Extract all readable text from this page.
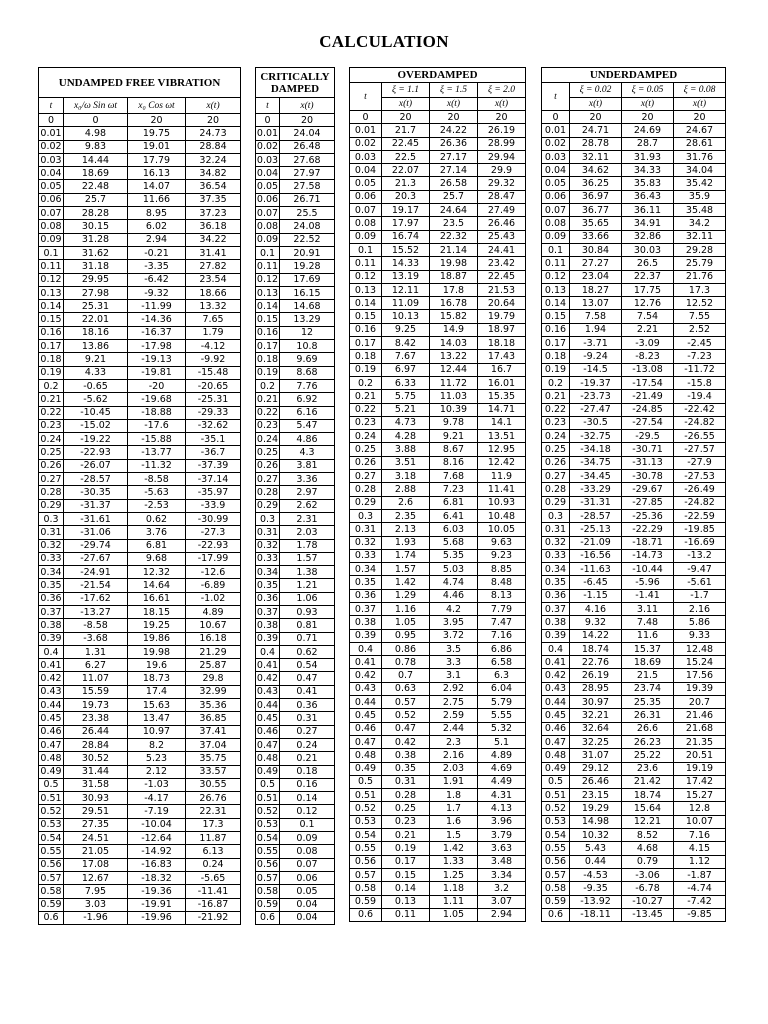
CALCULATION
UNDAMPED FREE VIBRATION			
t	x₀/ω Sin ωt	x₀ Cos ωt	x(t)
0	0	20	20
0.01	4.98	19.75	24.73
0.02	9.83	19.01	28.84
0.03	14.44	17.79	32.24
0.04	18.69	16.13	34.82
0.05	22.48	14.07	36.54
0.06	25.7	11.66	37.35
0.07	28.28	8.95	37.23
0.08	30.15	6.02	36.18
0.09	31.28	2.94	34.22
0.1	31.62	-0.21	31.41
0.11	31.18	-3.35	27.82
0.12	29.95	-6.42	23.54
0.13	27.98	-9.32	18.66
0.14	25.31	-11.99	13.32
0.15	22.01	-14.36	7.65
0.16	18.16	-16.37	1.79
0.17	13.86	-17.98	-4.12
0.18	9.21	-19.13	-9.92
0.19	4.33	-19.81	-15.48
0.2	-0.65	-20	-20.65
0.21	-5.62	-19.68	-25.31
0.22	-10.45	-18.88	-29.33
0.23	-15.02	-17.6	-32.62
0.24	-19.22	-15.88	-35.1
0.25	-22.93	-13.77	-36.7
0.26	-26.07	-11.32	-37.39
0.27	-28.57	-8.58	-37.14
0.28	-30.35	-5.63	-35.97
0.29	-31.37	-2.53	-33.9
0.3	-31.61	0.62	-30.99
0.31	-31.06	3.76	-27.3
0.32	-29.74	6.81	-22.93
0.33	-27.67	9.68	-17.99
0.34	-24.91	12.32	-12.6
0.35	-21.54	14.64	-6.89
0.36	-17.62	16.61	-1.02
0.37	-13.27	18.15	4.89
0.38	-8.58	19.25	10.67
0.39	-3.68	19.86	16.18
0.4	1.31	19.98	21.29
0.41	6.27	19.6	25.87
0.42	11.07	18.73	29.8
0.43	15.59	17.4	32.99
0.44	19.73	15.63	35.36
0.45	23.38	13.47	36.85
0.46	26.44	10.97	37.41
0.47	28.84	8.2	37.04
0.48	30.52	5.23	35.75
0.49	31.44	2.12	33.57
0.5	31.58	-1.03	30.55
0.51	30.93	-4.17	26.76
0.52	29.51	-7.19	22.31
0.53	27.35	-10.04	17.3
0.54	24.51	-12.64	11.87
0.55	21.05	-14.92	6.13
0.56	17.08	-16.83	0.24
0.57	12.67	-18.32	-5.65
0.58	7.95	-19.36	-11.41
0.59	3.03	-19.91	-16.87
0.6	-1.96	-19.96	-21.92
CRITICALLY DAMPED	
t	x(t)
0	20
0.01	24.04
0.02	26.48
0.03	27.68
0.04	27.97
0.05	27.58
0.06	26.71
0.07	25.5
0.08	24.08
0.09	22.52
0.1	20.91
0.11	19.28
0.12	17.69
0.13	16.15
0.14	14.68
0.15	13.29
0.16	12
0.17	10.8
0.18	9.69
0.19	8.68
0.2	7.76
0.21	6.92
0.22	6.16
0.23	5.47
0.24	4.86
0.25	4.3
0.26	3.81
0.27	3.36
0.28	2.97
0.29	2.62
0.3	2.31
0.31	2.03
0.32	1.78
0.33	1.57
0.34	1.38
0.35	1.21
0.36	1.06
0.37	0.93
0.38	0.81
0.39	0.71
0.4	0.62
0.41	0.54
0.42	0.47
0.43	0.41
0.44	0.36
0.45	0.31
0.46	0.27
0.47	0.24
0.48	0.21
0.49	0.18
0.5	0.16
0.51	0.14
0.52	0.12
0.53	0.1
0.54	0.09
0.55	0.08
0.56	0.07
0.57	0.06
0.58	0.05
0.59	0.04
0.6	0.04
OVERDAMPED			
t	ξ = 1.1	ξ = 1.5	ξ = 2.0
	x(t)	x(t)	x(t)
0	20	20	20
0.01	21.7	24.22	26.19
0.02	22.45	26.36	28.99
0.03	22.5	27.17	29.94
0.04	22.07	27.14	29.9
0.05	21.3	26.58	29.32
0.06	20.3	25.7	28.47
0.07	19.17	24.64	27.49
0.08	17.97	23.5	26.46
0.09	16.74	22.32	25.43
0.1	15.52	21.14	24.41
0.11	14.33	19.98	23.42
0.12	13.19	18.87	22.45
0.13	12.11	17.8	21.53
0.14	11.09	16.78	20.64
0.15	10.13	15.82	19.79
0.16	9.25	14.9	18.97
0.17	8.42	14.03	18.18
0.18	7.67	13.22	17.43
0.19	6.97	12.44	16.7
0.2	6.33	11.72	16.01
0.21	5.75	11.03	15.35
0.22	5.21	10.39	14.71
0.23	4.73	9.78	14.1
0.24	4.28	9.21	13.51
0.25	3.88	8.67	12.95
0.26	3.51	8.16	12.42
0.27	3.18	7.68	11.9
0.28	2.88	7.23	11.41
0.29	2.6	6.81	10.93
0.3	2.35	6.41	10.48
0.31	2.13	6.03	10.05
0.32	1.93	5.68	9.63
0.33	1.74	5.35	9.23
0.34	1.57	5.03	8.85
0.35	1.42	4.74	8.48
0.36	1.29	4.46	8.13
0.37	1.16	4.2	7.79
0.38	1.05	3.95	7.47
0.39	0.95	3.72	7.16
0.4	0.86	3.5	6.86
0.41	0.78	3.3	6.58
0.42	0.7	3.1	6.3
0.43	0.63	2.92	6.04
0.44	0.57	2.75	5.79
0.45	0.52	2.59	5.55
0.46	0.47	2.44	5.32
0.47	0.42	2.3	5.1
0.48	0.38	2.16	4.89
0.49	0.35	2.03	4.69
0.5	0.31	1.91	4.49
0.51	0.28	1.8	4.31
0.52	0.25	1.7	4.13
0.53	0.23	1.6	3.96
0.54	0.21	1.5	3.79
0.55	0.19	1.42	3.63
0.56	0.17	1.33	3.48
0.57	0.15	1.25	3.34
0.58	0.14	1.18	3.2
0.59	0.13	1.11	3.07
0.6	0.11	1.05	2.94
UNDERDAMPED			
t	ξ = 0.02	ξ = 0.05	ξ = 0.08
	x(t)	x(t)	x(t)
0	20	20	20
0.01	24.71	24.69	24.67
0.02	28.78	28.7	28.61
0.03	32.11	31.93	31.76
0.04	34.62	34.33	34.04
0.05	36.25	35.83	35.42
0.06	36.97	36.43	35.9
0.07	36.77	36.11	35.48
0.08	35.65	34.91	34.2
0.09	33.66	32.86	32.11
0.1	30.84	30.03	29.28
0.11	27.27	26.5	25.79
0.12	23.04	22.37	21.76
0.13	18.27	17.75	17.3
0.14	13.07	12.76	12.52
0.15	7.58	7.54	7.55
0.16	1.94	2.21	2.52
0.17	-3.71	-3.09	-2.45
0.18	-9.24	-8.23	-7.23
0.19	-14.5	-13.08	-11.72
0.2	-19.37	-17.54	-15.8
0.21	-23.73	-21.49	-19.4
0.22	-27.47	-24.85	-22.42
0.23	-30.5	-27.54	-24.82
0.24	-32.75	-29.5	-26.55
0.25	-34.18	-30.71	-27.57
0.26	-34.75	-31.13	-27.9
0.27	-34.45	-30.78	-27.53
0.28	-33.29	-29.67	-26.49
0.29	-31.31	-27.85	-24.82
0.3	-28.57	-25.36	-22.59
0.31	-25.13	-22.29	-19.85
0.32	-21.09	-18.71	-16.69
0.33	-16.56	-14.73	-13.2
0.34	-11.63	-10.44	-9.47
0.35	-6.45	-5.96	-5.61
0.36	-1.15	-1.41	-1.7
0.37	4.16	3.11	2.16
0.38	9.32	7.48	5.86
0.39	14.22	11.6	9.33
0.4	18.74	15.37	12.48
0.41	22.76	18.69	15.24
0.42	26.19	21.5	17.56
0.43	28.95	23.74	19.39
0.44	30.97	25.35	20.7
0.45	32.21	26.31	21.46
0.46	32.64	26.6	21.68
0.47	32.25	26.23	21.35
0.48	31.07	25.22	20.51
0.49	29.12	23.6	19.19
0.5	26.46	21.42	17.42
0.51	23.15	18.74	15.27
0.52	19.29	15.64	12.8
0.53	14.98	12.21	10.07
0.54	10.32	8.52	7.16
0.55	5.43	4.68	4.15
0.56	0.44	0.79	1.12
0.57	-4.53	-3.06	-1.87
0.58	-9.35	-6.78	-4.74
0.59	-13.92	-10.27	-7.42
0.6	-18.11	-13.45	-9.85
